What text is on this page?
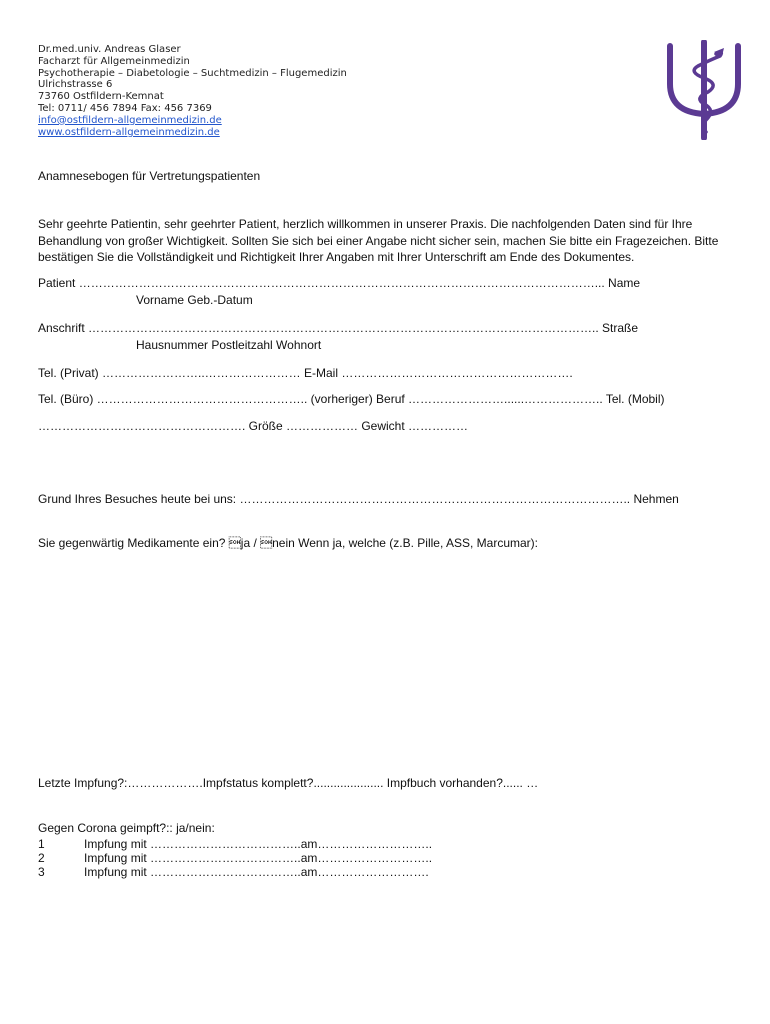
Dr.med.univ. Andreas Glaser
Facharzt für Allgemeinmedizin
Psychotherapie – Diabetologie – Suchtmedizin – Flugemedizin
Ulrichstrasse 6
73760 Ostfildern-Kemnat
Tel: 0711/ 456 7894 Fax: 456 7369
info@ostfildern-allgemeinmedizin.de
www.ostfildern-allgemeinmedizin.de
Anamnesebogen für Vertretungspatienten
Sehr geehrte Patientin, sehr geehrter Patient, herzlich willkommen in unserer Praxis. Die nachfolgenden Daten sind für Ihre Behandlung von großer Wichtigkeit. Sollten Sie sich bei einer Angabe nicht sicher sein, machen Sie bitte ein Fragezeichen. Bitte bestätigen Sie die Vollständigkeit und Richtigkeit Ihrer Angaben mit Ihrer Unterschrift am Ende des Dokumentes.
Patient …………………………………………………………………………………………………………………... Name
Vorname Geb.-Datum
Anschrift ……………………………………………………………………………………………………………….. Straße
Hausnummer Postleitzahl Wohnort
Tel. (Privat) ……………………..…………………… E-Mail ………………………………………………….
Tel. (Büro) …………………………………………….. (vorheriger) Beruf ……………………......……………….. Tel. (Mobil)
……………………………………………. Größe ……………… Gewicht ……………
Grund Ihres Besuches heute bei uns: …………………………………………………………………………………….. Nehmen
Sie gegenwärtig Medikamente ein? ja / nein Wenn ja, welche (z.B. Pille, ASS, Marcumar):
Letzte Impfung?:……………….Impfstatus komplett?..................... Impfbuch vorhanden?...... …
Gegen Corona geimpft?:: ja/nein:
1	Impfung mit ………………………………..am………………………..
2	Impfung mit ………………………………..am………………………..
3	Impfung mit ………………………………..am……………………….
